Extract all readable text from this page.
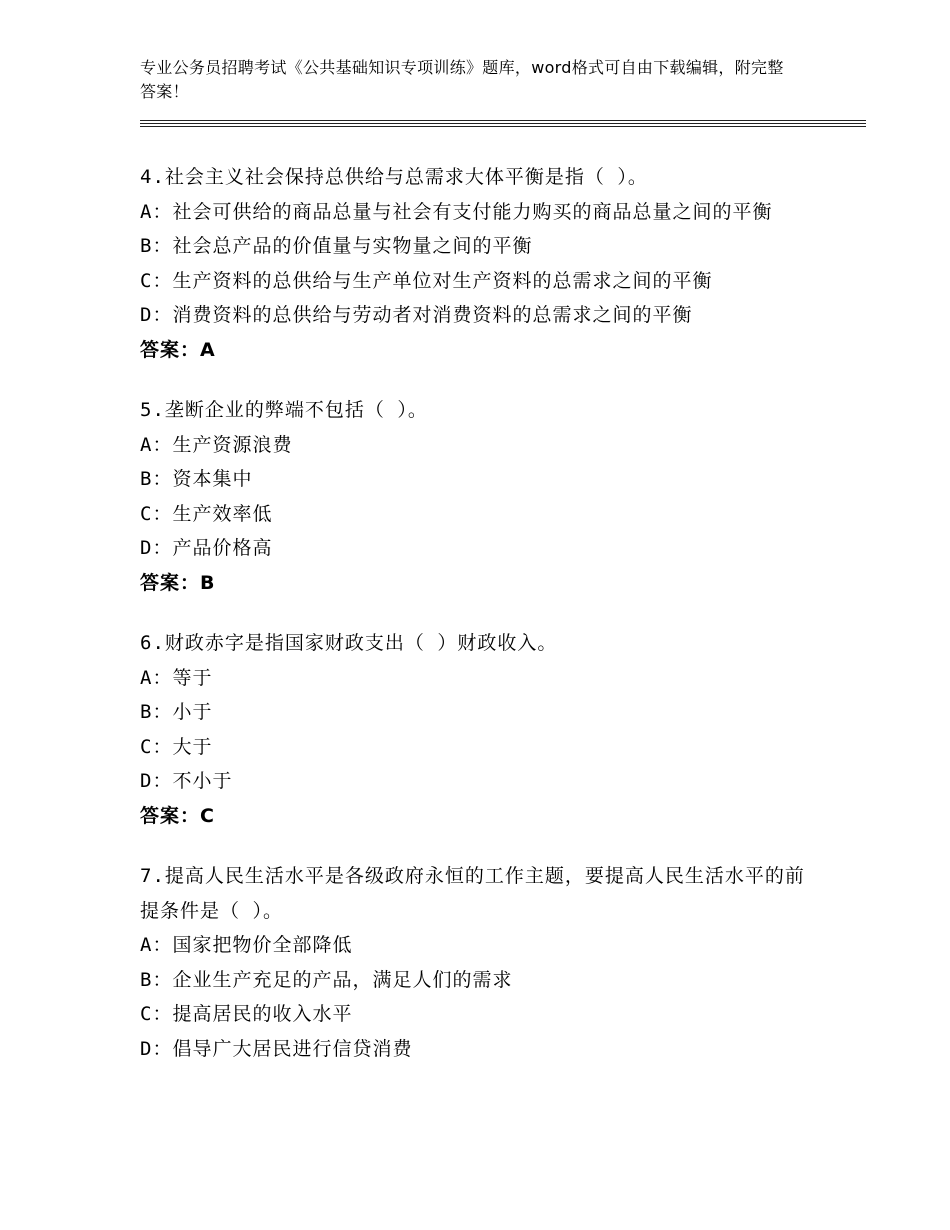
专业公务员招聘考试《公共基础知识专项训练》题库，word格式可自由下载编辑，附完整答案！
4.社会主义社会保持总供给与总需求大体平衡是指（ ）。
A：社会可供给的商品总量与社会有支付能力购买的商品总量之间的平衡
B：社会总产品的价值量与实物量之间的平衡
C：生产资料的总供给与生产单位对生产资料的总需求之间的平衡
D：消费资料的总供给与劳动者对消费资料的总需求之间的平衡
答案：A
5.垄断企业的弊端不包括（ ）。
A：生产资源浪费
B：资本集中
C：生产效率低
D：产品价格高
答案：B
6.财政赤字是指国家财政支出（ ）财政收入。
A：等于
B：小于
C：大于
D：不小于
答案：C
7.提高人民生活水平是各级政府永恒的工作主题，要提高人民生活水平的前提条件是（ ）。
A：国家把物价全部降低
B：企业生产充足的产品，满足人们的需求
C：提高居民的收入水平
D：倡导广大居民进行信贷消费
